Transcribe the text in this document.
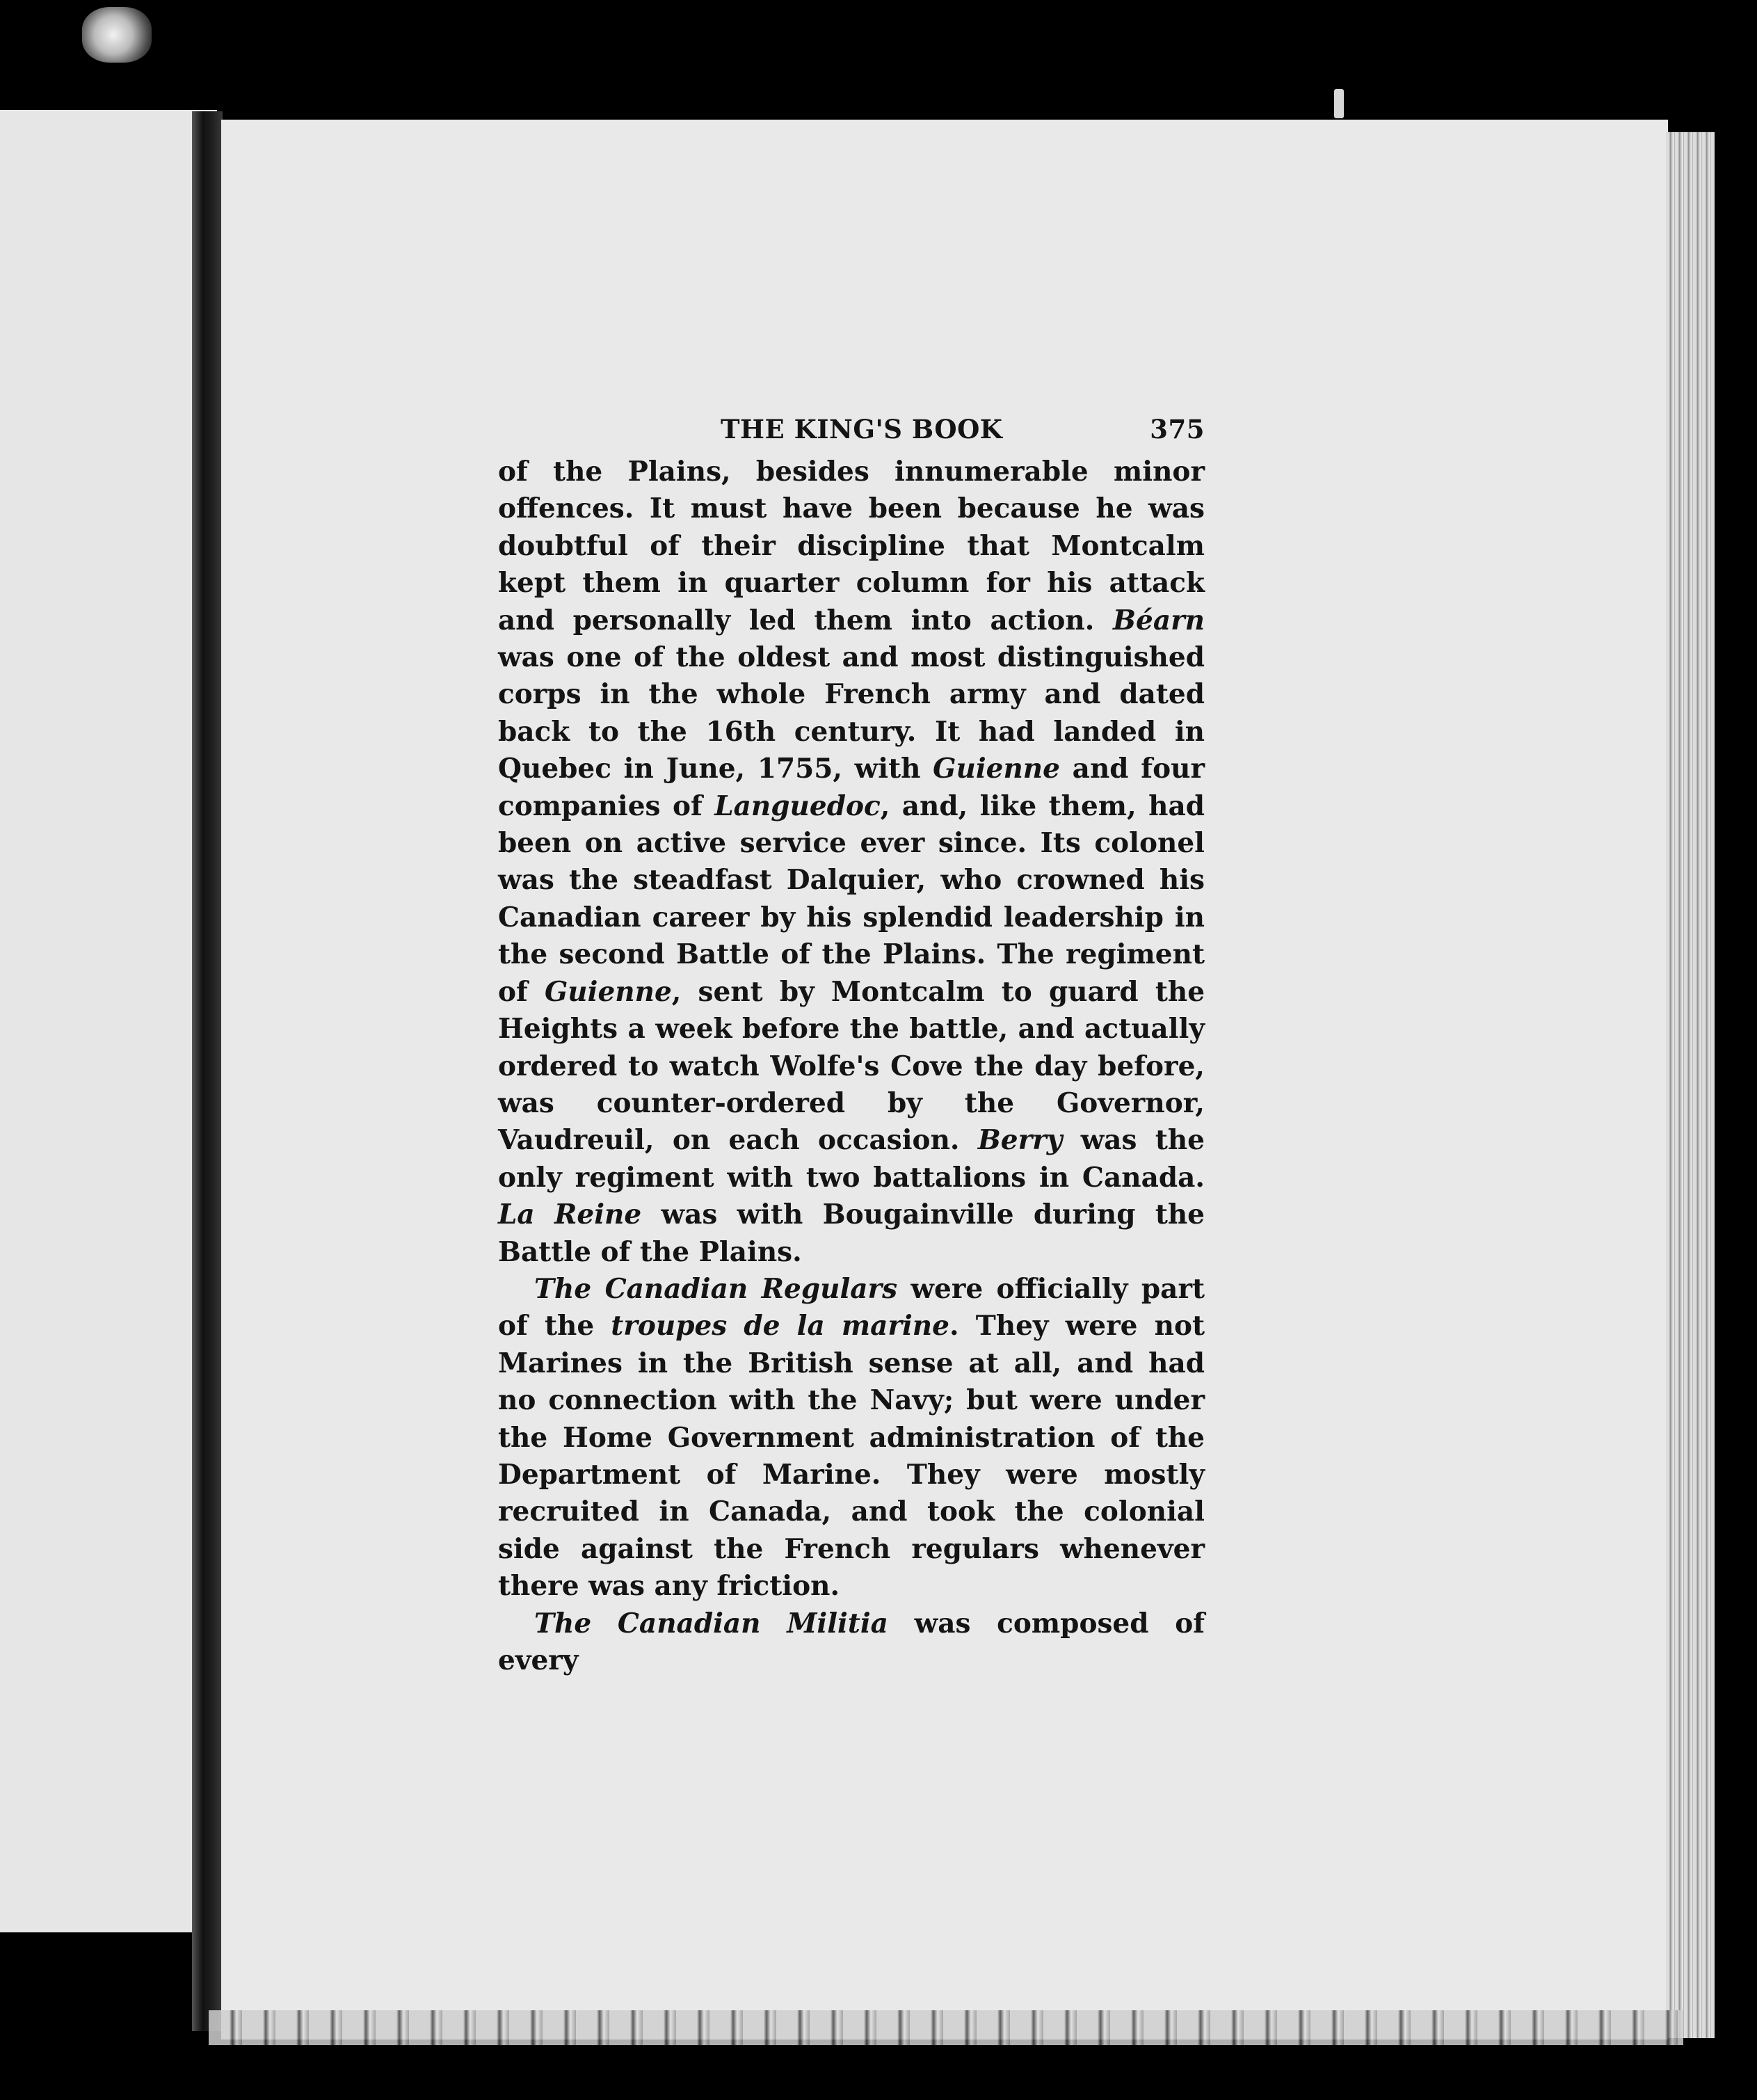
THE KING'S BOOK	375

of the Plains, besides innumerable minor offences. It must have been because he was doubtful of their discipline that Montcalm kept them in quarter column for his attack and personally led them into action. Béarn was one of the oldest and most distinguished corps in the whole French army and dated back to the 16th century. It had landed in Quebec in June, 1755, with Guienne and four companies of Languedoc, and, like them, had been on active service ever since. Its colonel was the steadfast Dalquier, who crowned his Canadian career by his splendid leadership in the second Battle of the Plains. The regiment of Guienne, sent by Montcalm to guard the Heights a week before the battle, and actually ordered to watch Wolfe's Cove the day before, was counter-ordered by the Governor, Vaudreuil, on each occasion. Berry was the only regiment with two battalions in Canada. La Reine was with Bougainville during the Battle of the Plains.

The Canadian Regulars were officially part of the troupes de la marine. They were not Marines in the British sense at all, and had no connection with the Navy; but were under the Home Government administration of the Department of Marine. They were mostly recruited in Canada, and took the colonial side against the French regulars whenever there was any friction.

The Canadian Militia was composed of every
